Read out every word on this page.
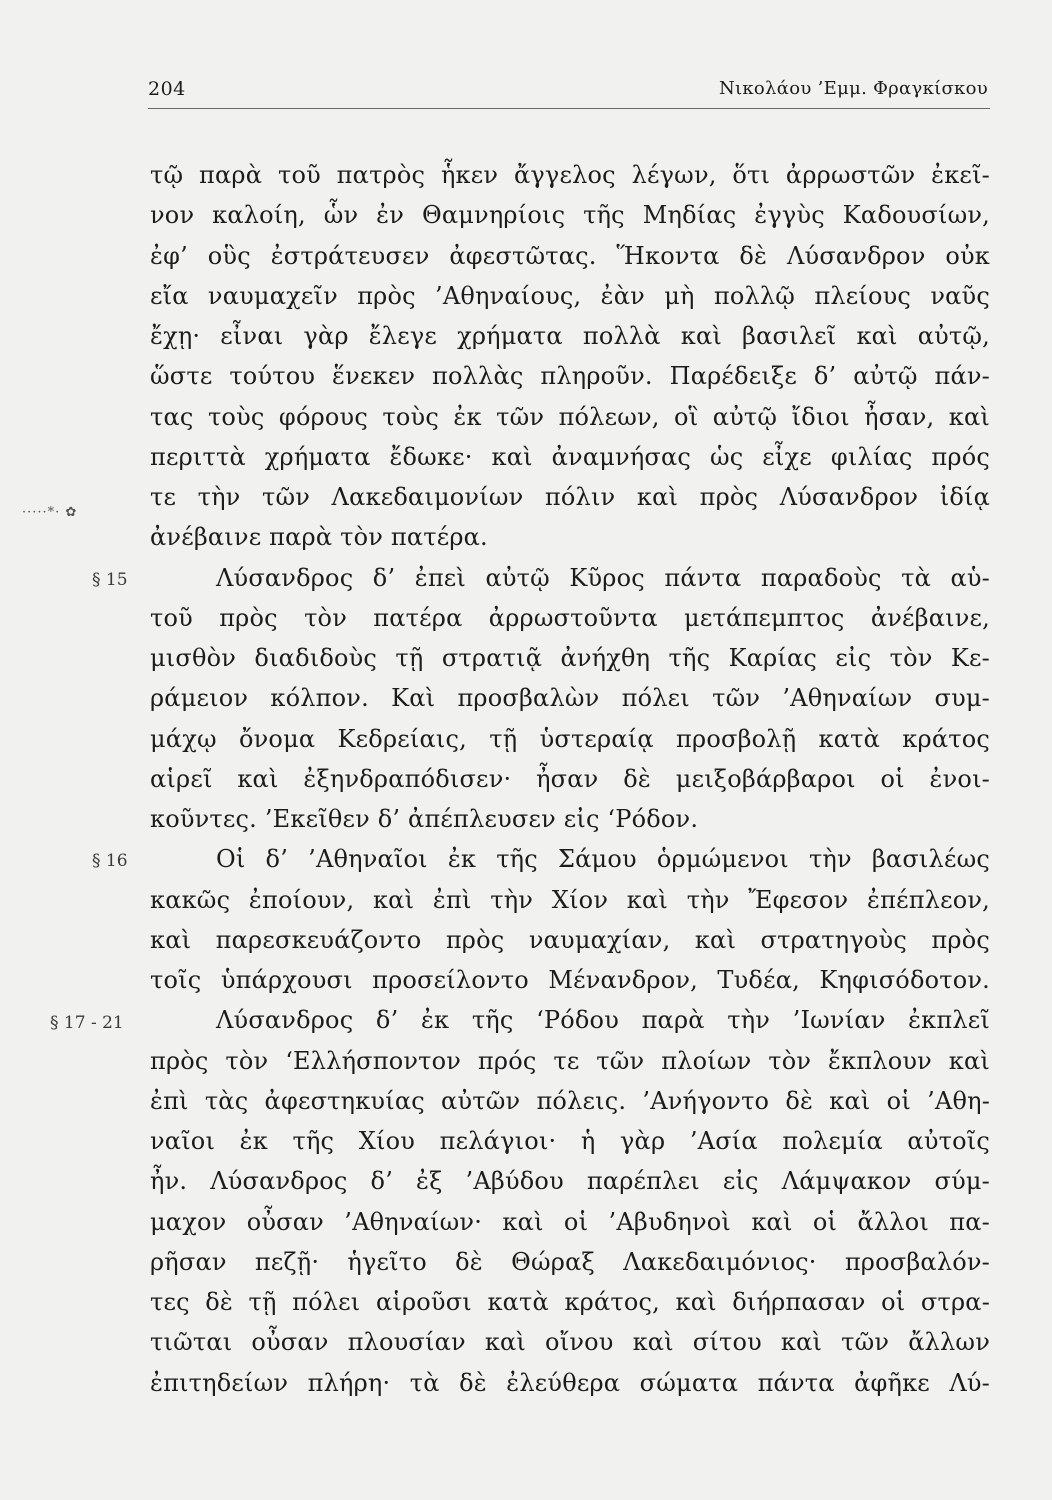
204	Νικολάου ’Εμμ. Φραγκίσκου
·····*· ✿
§ 15
§ 16
§ 17 - 21
τῷ παρὰ τοῦ πατρὸς ἧκεν ἄγγελος λέγων, ὅτι ἀρρωστῶν ἐκεῖ-
νον καλοίη, ὧν ἐν Θαμνηρίοις τῆς Μηδίας ἐγγὺς Καδουσίων,
ἐφ’ οὓς ἐστράτευσεν ἀφεστῶτας. Ἥκοντα δὲ Λύσανδρον οὐκ
εἴα ναυμαχεῖν πρὸς ’Αθηναίους, ἐὰν μὴ πολλῷ πλείους ναῦς
ἔχῃ· εἶναι γὰρ ἔλεγε χρήματα πολλὰ καὶ βασιλεῖ καὶ αὐτῷ,
ὥστε τούτου ἕνεκεν πολλὰς πληροῦν. Παρέδειξε δ’ αὐτῷ πάν-
τας τοὺς φόρους τοὺς ἐκ τῶν πόλεων, οἳ αὐτῷ ἴδιοι ἦσαν, καὶ
περιττὰ χρήματα ἔδωκε· καὶ ἀναμνήσας ὡς εἶχε φιλίας πρός
τε τὴν τῶν Λακεδαιμονίων πόλιν καὶ πρὸς Λύσανδρον ἰδίᾳ
ἀνέβαινε παρὰ τὸν πατέρα.
Λύσανδρος δ’ ἐπεὶ αὐτῷ Κῦρος πάντα παραδοὺς τὰ αὑ-
τοῦ πρὸς τὸν πατέρα ἀρρωστοῦντα μετάπεμπτος ἀνέβαινε,
μισθὸν διαδιδοὺς τῇ στρατιᾷ ἀνήχθη τῆς Καρίας εἰς τὸν Κε-
ράμειον κόλπον. Καὶ προσβαλὼν πόλει τῶν ’Αθηναίων συμ-
μάχῳ ὄνομα Κεδρείαις, τῇ ὑστεραίᾳ προσβολῇ κατὰ κράτος
αἱρεῖ καὶ ἐξηνδραπόδισεν· ἦσαν δὲ μειξοβάρβαροι οἱ ἐνοι-
κοῦντες. ’Εκεῖθεν δ’ ἀπέπλευσεν εἰς ‘Ρόδον.
Οἱ δ’ ’Αθηναῖοι ἐκ τῆς Σάμου ὁρμώμενοι τὴν βασιλέως
κακῶς ἐποίουν, καὶ ἐπὶ τὴν Χίον καὶ τὴν Ἔφεσον ἐπέπλεον,
καὶ παρεσκευάζοντο πρὸς ναυμαχίαν, καὶ στρατηγοὺς πρὸς
τοῖς ὑπάρχουσι προσείλοντο Μένανδρον, Τυδέα, Κηφισόδοτον.
Λύσανδρος δ’ ἐκ τῆς ‘Ρόδου παρὰ τὴν ’Ιωνίαν ἐκπλεῖ
πρὸς τὸν ‘Ελλήσποντον πρός τε τῶν πλοίων τὸν ἔκπλουν καὶ
ἐπὶ τὰς ἀφεστηκυίας αὐτῶν πόλεις. ’Ανήγοντο δὲ καὶ οἱ ’Αθη-
ναῖοι ἐκ τῆς Χίου πελάγιοι· ἡ γὰρ ’Ασία πολεμία αὐτοῖς
ἦν. Λύσανδρος δ’ ἐξ ’Αβύδου παρέπλει εἰς Λάμψακον σύμ-
μαχον οὖσαν ’Αθηναίων· καὶ οἱ ’Αβυδηνοὶ καὶ οἱ ἄλλοι πα-
ρῆσαν πεζῇ· ἡγεῖτο δὲ Θώραξ Λακεδαιμόνιος· προσβαλόν-
τες δὲ τῇ πόλει αἱροῦσι κατὰ κράτος, καὶ διήρπασαν οἱ στρα-
τιῶται οὖσαν πλουσίαν καὶ οἴνου καὶ σίτου καὶ τῶν ἄλλων
ἐπιτηδείων πλήρη· τὰ δὲ ἐλεύθερα σώματα πάντα ἀφῆκε Λύ-
